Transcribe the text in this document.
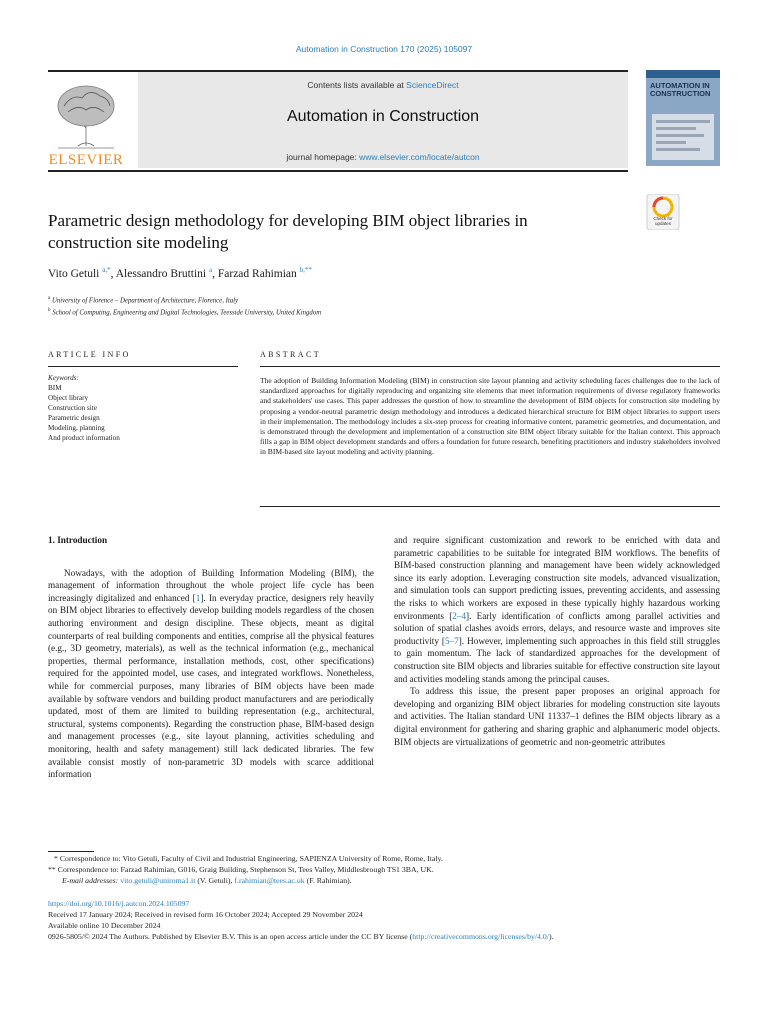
Automation in Construction 170 (2025) 105097
ELSEVIER
Contents lists available at ScienceDirect
Automation in Construction
journal homepage: www.elsevier.com/locate/autcon
AUTOMATION IN CONSTRUCTION
Check for updates
Parametric design methodology for developing BIM object libraries in
construction site modeling
Vito Getuli $^{a,*}$, Alessandro Bruttini $^a$, Farzad Rahimian $^{b,**}$
$^a$ University of Florence – Department of Architecture, Florence, Italy
$^b$ School of Computing, Engineering and Digital Technologies, Teesside University, United Kingdom
ARTICLE INFO	ABSTRACT
Keywords:
BIM
Object library
Construction site
Parametric design
Modeling, planning
And product information
The adoption of Building Information Modeling (BIM) in construction site layout planning and activity scheduling faces challenges due to the lack of standardized approaches for digitally reproducing and organizing site elements that meet information requirements of diverse regulatory frameworks and stakeholders' use cases. This paper addresses the question of how to streamline the development of BIM objects for construction site modeling by proposing a vendor-neutral parametric design methodology and introduces a dedicated hierarchical structure for BIM object libraries to support users in their implementation. The methodology includes a six-step process for creating informative content, parametric geometries, and documentation, and is demonstrated through the development and implementation of a construction site BIM object library suitable for the Italian context. This approach fills a gap in BIM object development standards and offers a foundation for future research, benefiting practitioners and industry stakeholders involved in BIM-based site layout modeling and activity planning.
1. Introduction

Nowadays, with the adoption of Building Information Modeling (BIM), the management of information throughout the whole project life cycle has been increasingly digitalized and enhanced [1]. In everyday practice, designers rely heavily on BIM object libraries to effectively develop building models regardless of the chosen authoring environment and design discipline. These objects, meant as digital counterparts of real building components and entities, comprise all the physical features (e.g., 3D geometry, materials), as well as the technical information (e.g., mechanical properties, thermal performance, installation methods, cost, other specifications) required for the appointed model, use cases, and integrated workflows. Nonetheless, while for commercial purposes, many libraries of BIM objects have been made available by software vendors and building product manufacturers and are periodically updated, most of them are limited to building representation (e.g., architectural, structural, systems components). Regarding the construction phase, BIM-based design and management processes (e.g., site layout planning, activities scheduling and monitoring, health and safety management) still lack dedicated libraries. The few available consist mostly of non-parametric 3D models with scarce additional information

and require significant customization and rework to be enriched with data and parametric capabilities to be suitable for integrated BIM workflows. The benefits of BIM-based construction planning and management have been widely acknowledged since its early adoption. Leveraging construction site models, advanced visualization, and simulation tools can support predicting issues, preventing accidents, and assessing the risks to which workers are exposed in these typically highly hazardous working environments [2–4]. Early identification of conflicts among parallel activities and solution of spatial clashes avoids errors, delays, and resource waste and improves site productivity [5–7]. However, implementing such approaches in this field still struggles to gain momentum. The lack of standardized approaches for the development of construction site BIM objects and libraries suitable for effective construction site layout and activities modeling stands among the principal causes.

To address this issue, the present paper proposes an original approach for developing and organizing BIM object libraries for modeling construction site layouts and activities. The Italian standard UNI 11337–1 defines the BIM objects library as a digital environment for gathering and sharing graphic and alphanumeric model objects. BIM objects are virtualizations of geometric and non-geometric attributes

* Correspondence to: Vito Getuli, Faculty of Civil and Industrial Engineering, SAPIENZA University of Rome, Rome, Italy.
** Correspondence to: Farzad Rahimian, G016, Graig Building, Stephenson St, Tees Valley, Middlesbrough TS1 3BA, UK.
E-mail addresses: vito.getuli@uniroma1.it (V. Getuli), f.rahimian@tees.ac.uk (F. Rahimian).
https://doi.org/10.1016/j.autcon.2024.105097
Received 17 January 2024; Received in revised form 16 October 2024; Accepted 29 November 2024
Available online 10 December 2024
0926-5805/© 2024 The Authors. Published by Elsevier B.V. This is an open access article under the CC BY license (http://creativecommons.org/licenses/by/4.0/).
